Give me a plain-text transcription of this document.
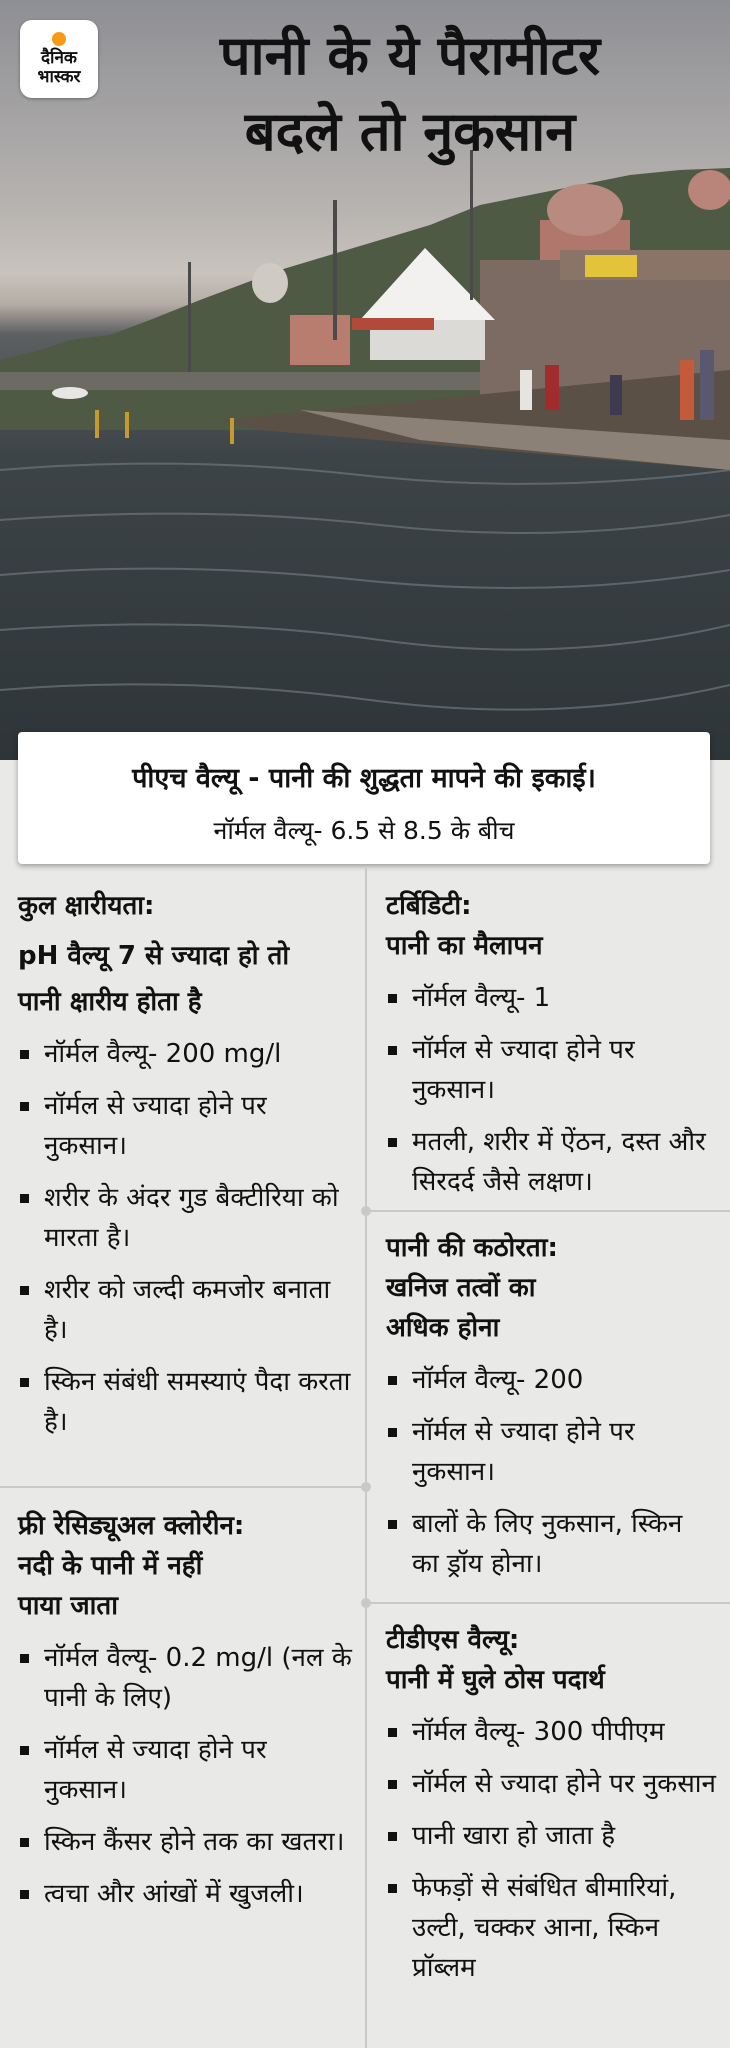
दैनिक
भास्कर	पानी के ये पैरामीटर
बदले तो नुकसान
पीएच वैल्यू - पानी की शुद्धता मापने की इकाई।
नॉर्मल वैल्यू- 6.5 से 8.5 के बीच
कुल क्षारीयता:
pH वैल्यू 7 से ज्यादा हो तो
पानी क्षारीय होता है
नॉर्मल वैल्यू- 200 mg/l
नॉर्मल से ज्यादा होने पर नुकसान।
शरीर के अंदर गुड बैक्टीरिया को मारता है।
शरीर को जल्दी कमजोर बनाता है।
स्किन संबंधी समस्याएं पैदा करता है।
फ्री रेसिड्यूअल क्लोरीन:
नदी के पानी में नहीं
पाया जाता
नॉर्मल वैल्यू- 0.2 mg/l (नल के पानी के लिए)
नॉर्मल से ज्यादा होने पर नुकसान।
स्किन कैंसर होने तक का खतरा।
त्वचा और आंखों में खुजली।
टर्बिडिटी:
पानी का मैलापन
नॉर्मल वैल्यू- 1
नॉर्मल से ज्यादा होने पर नुकसान।
मतली, शरीर में ऐंठन, दस्त और सिरदर्द जैसे लक्षण।
पानी की कठोरता:
खनिज तत्वों का
अधिक होना
नॉर्मल वैल्यू- 200
नॉर्मल से ज्यादा होने पर नुकसान।
बालों के लिए नुकसान, स्किन का ड्रॉय होना।
टीडीएस वैल्यू:
पानी में घुले ठोस पदार्थ
नॉर्मल वैल्यू- 300 पीपीएम
नॉर्मल से ज्यादा होने पर नुकसान
पानी खारा हो जाता है
फेफड़ों से संबंधित बीमारियां, उल्टी, चक्कर आना, स्किन प्रॉब्लम
